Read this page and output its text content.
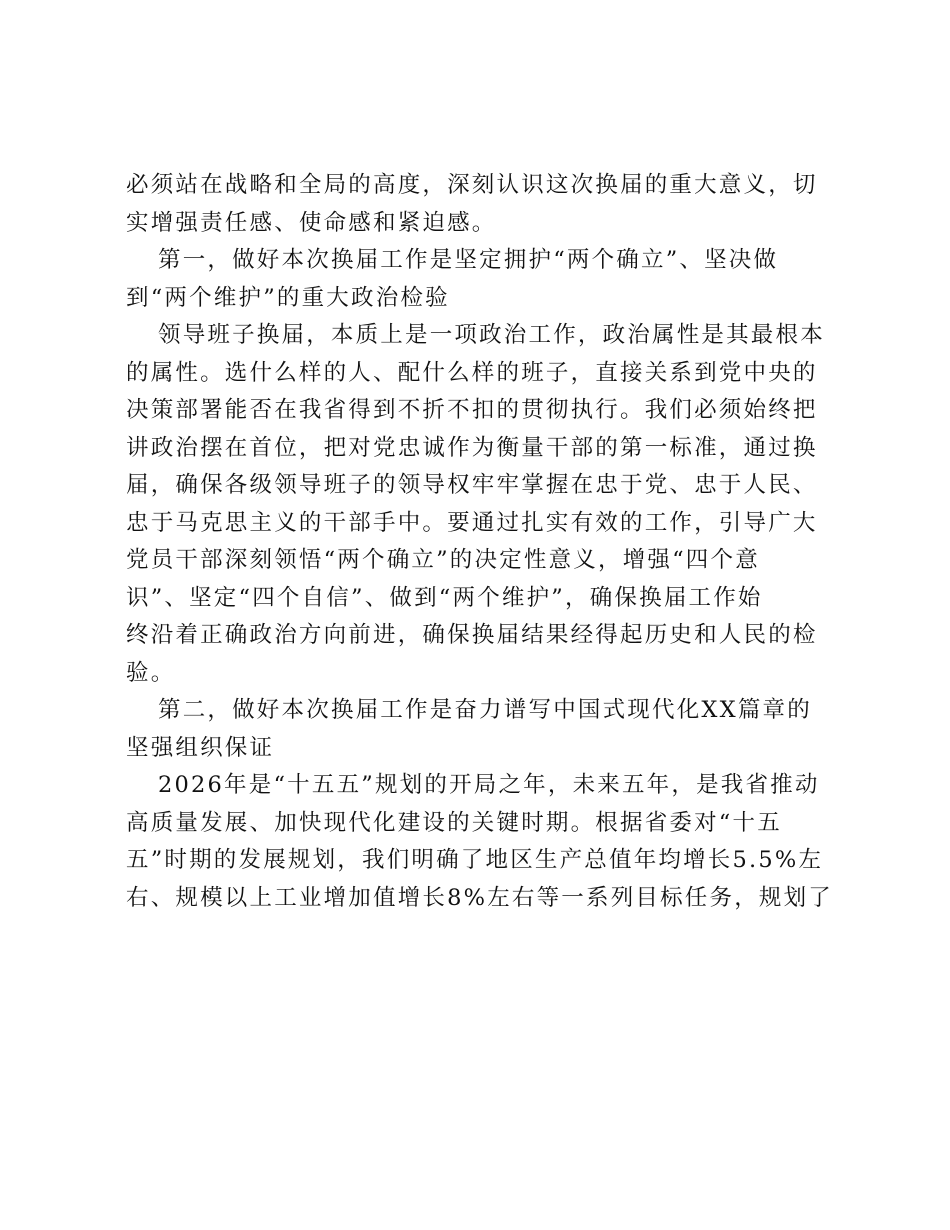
必须站在战略和全局的高度，深刻认识这次换届的重大意义，切
实增强责任感、使命感和紧迫感。
第一，做好本次换届工作是坚定拥护“两个确立”、坚决做
到“两个维护”的重大政治检验
领导班子换届，本质上是一项政治工作，政治属性是其最根本
的属性。选什么样的人、配什么样的班子，直接关系到党中央的
决策部署能否在我省得到不折不扣的贯彻执行。我们必须始终把
讲政治摆在首位，把对党忠诚作为衡量干部的第一标准，通过换
届，确保各级领导班子的领导权牢牢掌握在忠于党、忠于人民、
忠于马克思主义的干部手中。要通过扎实有效的工作，引导广大
党员干部深刻领悟“两个确立”的决定性意义，增强“四个意
识”、坚定“四个自信”、做到“两个维护”，确保换届工作始
终沿着正确政治方向前进，确保换届结果经得起历史和人民的检
验。
第二，做好本次换届工作是奋力谱写中国式现代化XX篇章的
坚强组织保证
2026年是“十五五”规划的开局之年，未来五年，是我省推动
高质量发展、加快现代化建设的关键时期。根据省委对“十五
五”时期的发展规划，我们明确了地区生产总值年均增长5.5%左
右、规模以上工业增加值增长8%左右等一系列目标任务，规划了
